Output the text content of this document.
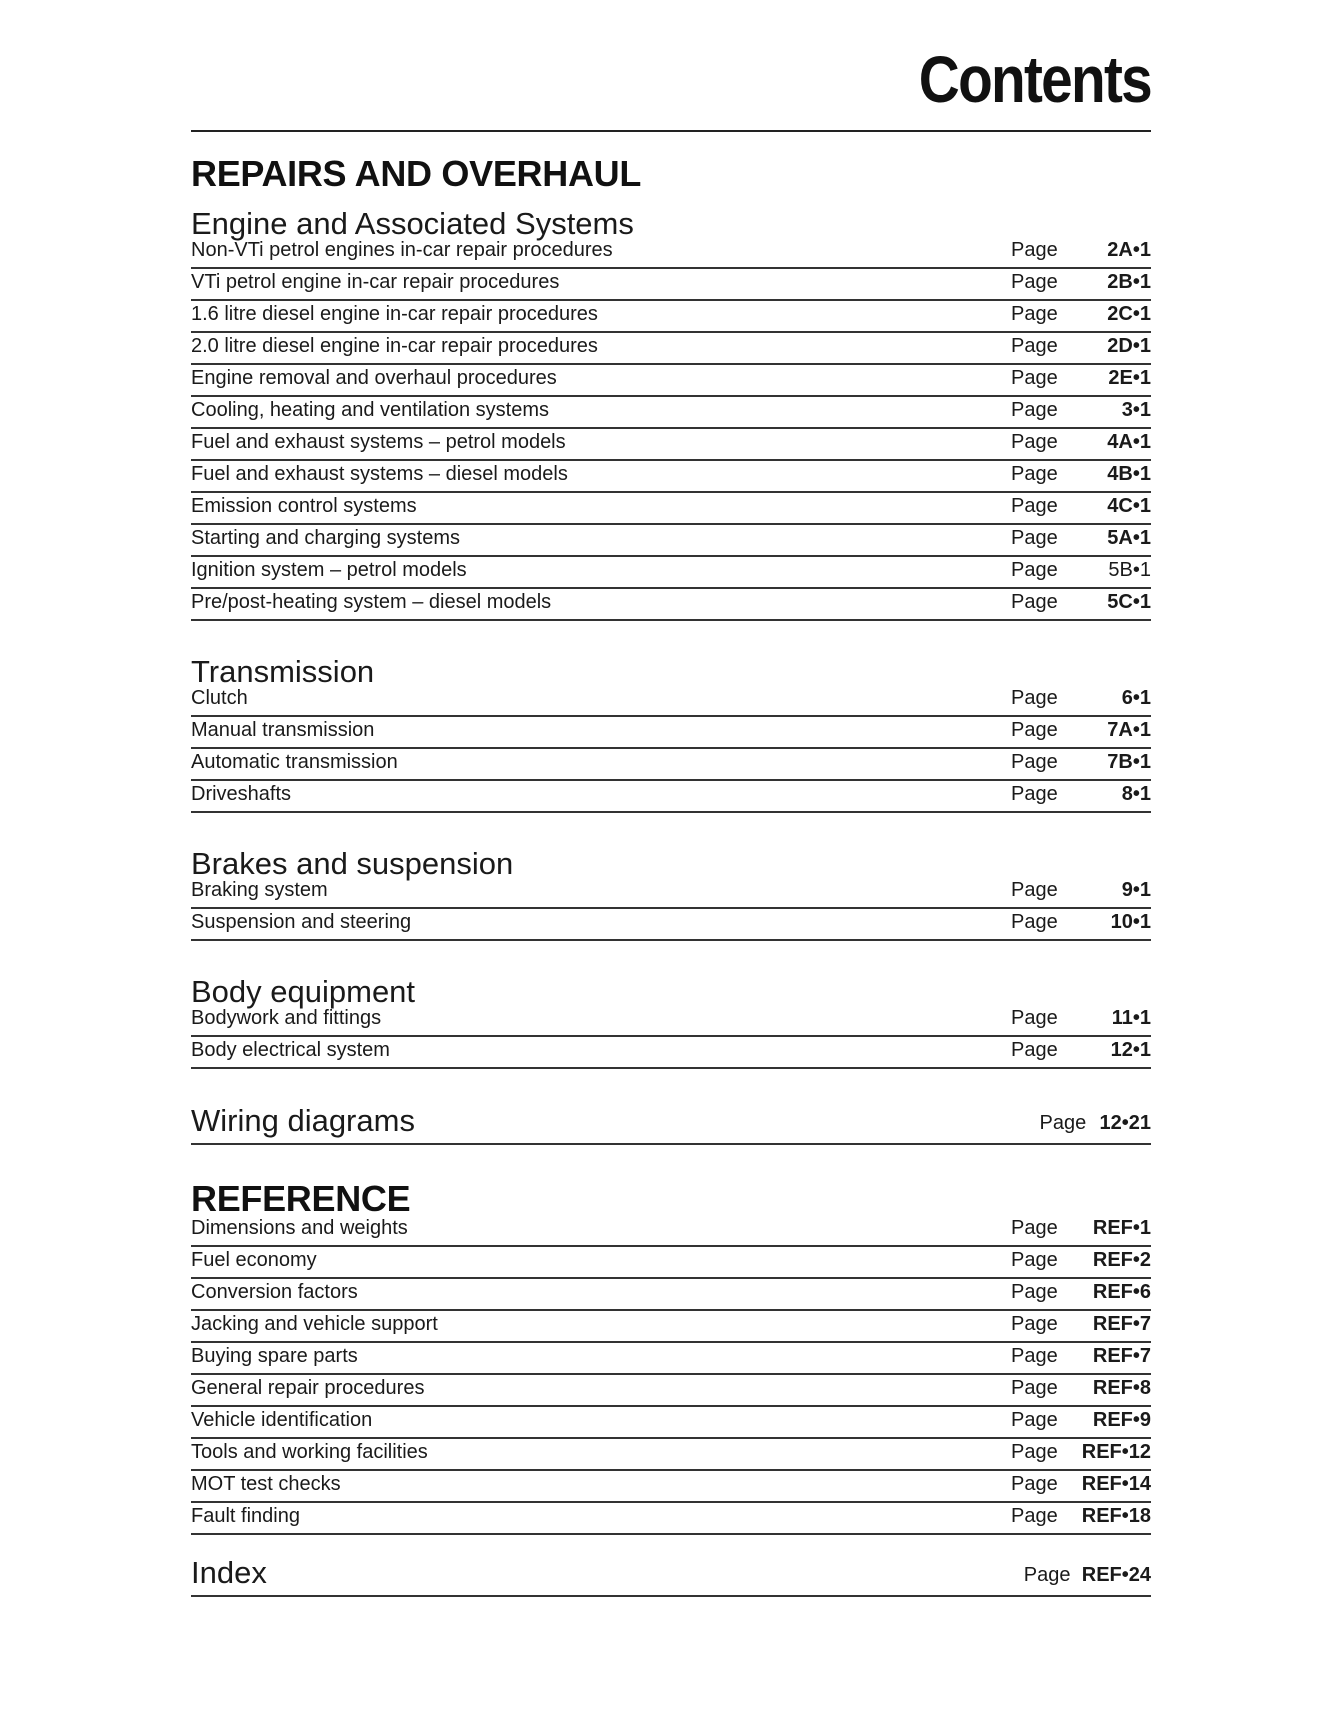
Contents
REPAIRS AND OVERHAUL
Engine and Associated Systems
Non-VTi petrol engines in-car repair procedures	Page	2A•1
VTi petrol engine in-car repair procedures	Page	2B•1
1.6 litre diesel engine in-car repair procedures	Page	2C•1
2.0 litre diesel engine in-car repair procedures	Page	2D•1
Engine removal and overhaul procedures	Page	2E•1
Cooling, heating and ventilation systems	Page	3•1
Fuel and exhaust systems – petrol models	Page	4A•1
Fuel and exhaust systems – diesel models	Page	4B•1
Emission control systems	Page	4C•1
Starting and charging systems	Page	5A•1
Ignition system – petrol models	Page	5B•1
Pre/post-heating system – diesel models	Page	5C•1
Transmission
Clutch	Page	6•1
Manual transmission	Page	7A•1
Automatic transmission	Page	7B•1
Driveshafts	Page	8•1
Brakes and suspension
Braking system	Page	9•1
Suspension and steering	Page	10•1
Body equipment
Bodywork and fittings	Page	11•1
Body electrical system	Page	12•1
Wiring diagrams	Page 12•21
REFERENCE
Dimensions and weights	Page	REF•1
Fuel economy	Page	REF•2
Conversion factors	Page	REF•6
Jacking and vehicle support	Page	REF•7
Buying spare parts	Page	REF•7
General repair procedures	Page	REF•8
Vehicle identification	Page	REF•9
Tools and working facilities	Page	REF•12
MOT test checks	Page	REF•14
Fault finding	Page	REF•18
Index	Page REF•24
